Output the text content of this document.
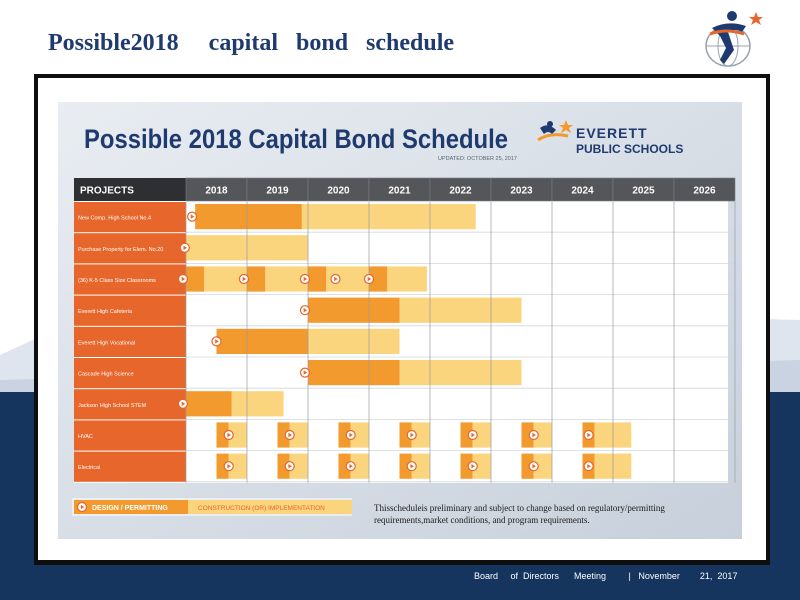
Possible2018     capital   bond   schedule
Possible 2018 Capital Bond Schedule
UPDATED: OCTOBER 25, 2017
EVERETT
PUBLIC SCHOOLS
PROJECTS	2018	2019	2020	2021	2022	2023	2024	2025	2026
New Comp. High School No.4
Purchase Property for Elem. No.20
(36) K-5 Class Size Classrooms
Everett High Cafeteria
Everett High Vocational
Cascade High Science
Jackson High School STEM
HVAC
Electrical
DESIGN / PERMITTING	CONSTRUCTION (OR) IMPLEMENTATION	Thisscheduleis preliminary and subject to change based on regulatory/permitting requirements,market conditions, and program requirements.
Board     of  Directors      Meeting         |   November        21,  2017
